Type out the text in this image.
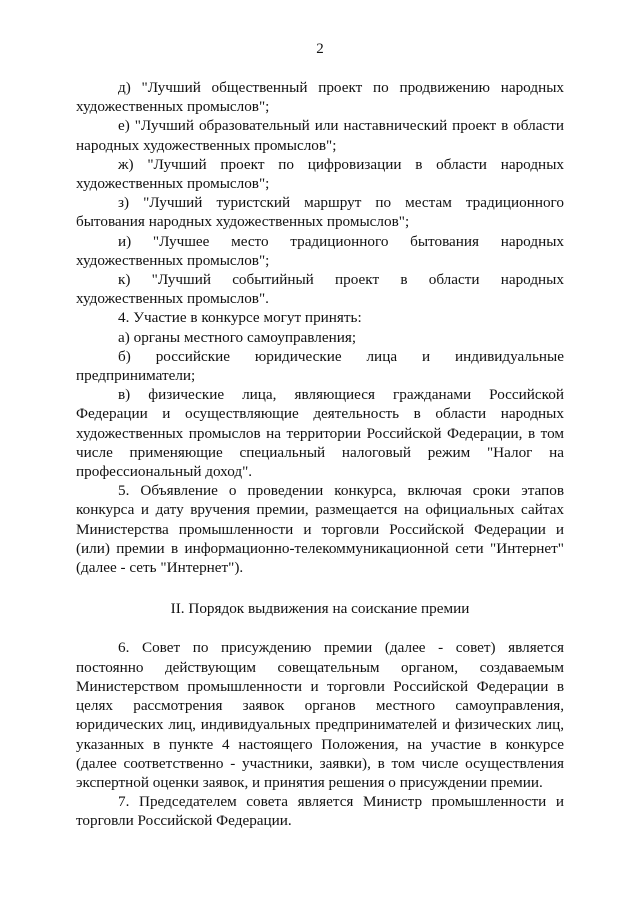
2

д) "Лучший общественный проект по продвижению народных художественных промыслов";

е) "Лучший образовательный или наставнический проект в области народных художественных промыслов";

ж) "Лучший проект по цифровизации в области народных художественных промыслов";

з) "Лучший туристский маршрут по местам традиционного бытования народных художественных промыслов";

и) "Лучшее место традиционного бытования народных художественных промыслов";

к) "Лучший событийный проект в области народных художественных промыслов".

4. Участие в конкурсе могут принять:

а) органы местного самоуправления;

б) российские юридические лица и индивидуальные предприниматели;

в) физические лица, являющиеся гражданами Российской Федерации и осуществляющие деятельность в области народных художественных промыслов на территории Российской Федерации, в том числе применяющие специальный налоговый режим "Налог на профессиональный доход".

5. Объявление о проведении конкурса, включая сроки этапов конкурса и дату вручения премии, размещается на официальных сайтах Министерства промышленности и торговли Российской Федерации и (или) премии в информационно-телекоммуникационной сети "Интернет" (далее - сеть "Интернет").

II. Порядок выдвижения на соискание премии

6. Совет по присуждению премии (далее - совет) является постоянно действующим совещательным органом, создаваемым Министерством промышленности и торговли Российской Федерации в целях рассмотрения заявок органов местного самоуправления, юридических лиц, индивидуальных предпринимателей и физических лиц, указанных в пункте 4 настоящего Положения, на участие в конкурсе (далее соответственно - участники, заявки), в том числе осуществления экспертной оценки заявок, и принятия решения о присуждении премии.

7. Председателем совета является Министр промышленности и торговли Российской Федерации.
